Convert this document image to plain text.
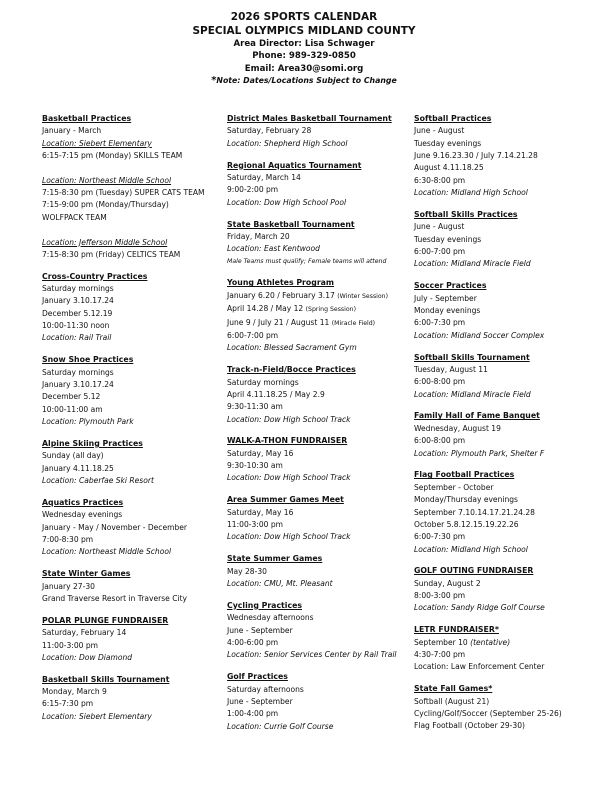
2026 SPORTS CALENDAR
SPECIAL OLYMPICS MIDLAND COUNTY
Area Director: Lisa Schwager
Phone: 989-329-0850
Email: Area30@somi.org
*Note: Dates/Locations Subject to Change
Basketball Practices
January - March
Location: Siebert Elementary
6:15-7:15 pm (Monday) SKILLS TEAM
Location: Northeast Middle School
7:15-8:30 pm (Tuesday) SUPER CATS TEAM
7:15-9:00 pm (Monday/Thursday)
WOLFPACK TEAM
Location: Jefferson Middle School
7:15-8:30 pm (Friday) CELTICS TEAM
Cross-Country Practices
Saturday mornings
January 3.10.17.24
December 5.12.19
10:00-11:30 noon
Location: Rail Trail
Snow Shoe Practices
Saturday mornings
January 3.10.17.24
December 5.12
10:00-11:00 am
Location: Plymouth Park
Alpine Skiing Practices
Sunday (all day)
January 4.11.18.25
Location: Caberfae Ski Resort
Aquatics Practices
Wednesday evenings
January - May / November - December
7:00-8:30 pm
Location: Northeast Middle School
State Winter Games
January 27-30
Grand Traverse Resort in Traverse City
POLAR PLUNGE FUNDRAISER
Saturday, February 14
11:00-3:00 pm
Location: Dow Diamond
Basketball Skills Tournament
Monday, March 9
6:15-7:30 pm
Location: Siebert Elementary
District Males Basketball Tournament
Saturday, February 28
Location: Shepherd High School
Regional Aquatics Tournament
Saturday, March 14
9:00-2:00 pm
Location: Dow High School Pool
State Basketball Tournament
Friday, March 20
Location: East Kentwood
Male Teams must qualify; Female teams will attend
Young Athletes Program
January 6.20 / February 3.17 (Winter Session)
April 14.28 / May 12 (Spring Session)
June 9 / July 21 / August 11 (Miracle Field)
6:00-7:00 pm
Location: Blessed Sacrament Gym
Track-n-Field/Bocce Practices
Saturday mornings
April 4.11.18.25 / May 2.9
9:30-11:30 am
Location: Dow High School Track
WALK-A-THON FUNDRAISER
Saturday, May 16
9:30-10:30 am
Location: Dow High School Track
Area Summer Games Meet
Saturday, May 16
11:00-3:00 pm
Location: Dow High School Track
State Summer Games
May 28-30
Location: CMU, Mt. Pleasant
Cycling Practices
Wednesday afternoons
June - September
4:00-6:00 pm
Location: Senior Services Center by Rail Trail
Golf Practices
Saturday afternoons
June - September
1:00-4:00 pm
Location: Currie Golf Course
Softball Practices
June - August
Tuesday evenings
June 9.16.23.30 / July 7.14.21.28
August 4.11.18.25
6:30-8:00 pm
Location: Midland High School
Softball Skills Practices
June - August
Tuesday evenings
6:00-7:00 pm
Location: Midland Miracle Field
Soccer Practices
July - September
Monday evenings
6:00-7:30 pm
Location: Midland Soccer Complex
Softball Skills Tournament
Tuesday, August 11
6:00-8:00 pm
Location: Midland Miracle Field
Family Hall of Fame Banquet
Wednesday, August 19
6:00-8:00 pm
Location: Plymouth Park, Shelter F
Flag Football Practices
September - October
Monday/Thursday evenings
September 7.10.14.17.21.24.28
October 5.8.12.15.19.22.26
6:00-7:30 pm
Location: Midland High School
GOLF OUTING FUNDRAISER
Sunday, August 2
8:00-3:00 pm
Location: Sandy Ridge Golf Course
LETR FUNDRAISER*
September 10 (tentative)
4:30-7:00 pm
Location: Law Enforcement Center
State Fall Games*
Softball (August 21)
Cycling/Golf/Soccer (September 25-26)
Flag Football (October 29-30)
